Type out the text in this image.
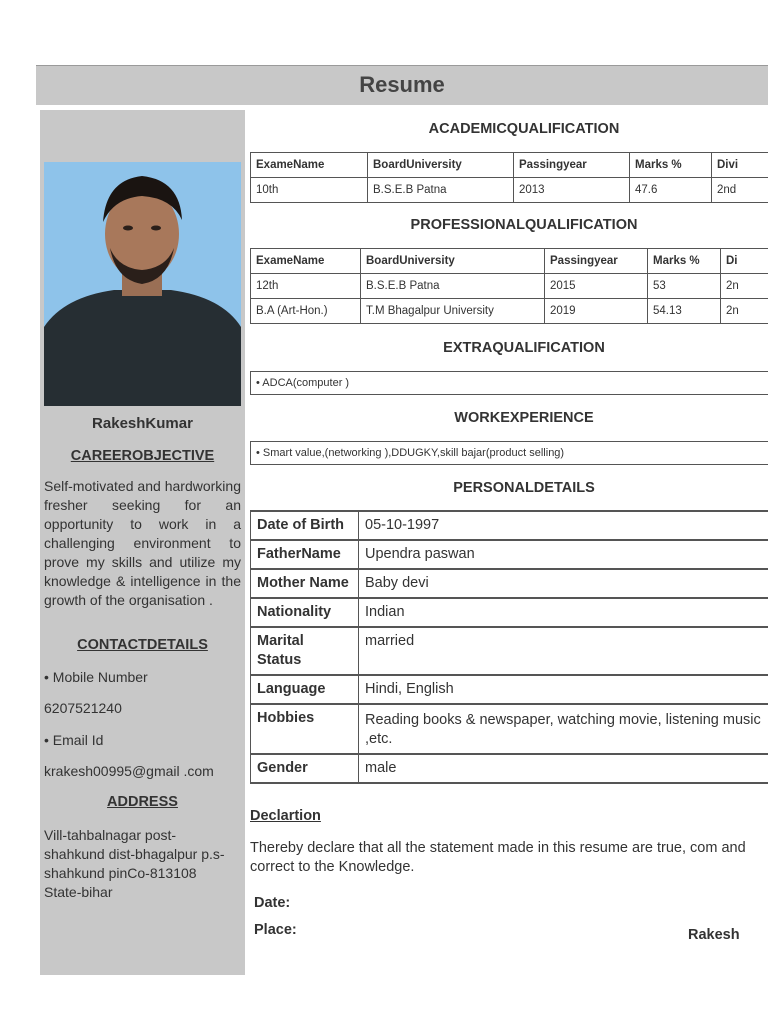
Resume
RakeshKumar
CAREEROBJECTIVE
Self-motivated and hardworking fresher seeking for an opportunity to work in a challenging environment to prove my skills and utilize my knowledge & intelligence in the growth of the organisation .
CONTACTDETAILS
• Mobile Number
6207521240
• Email Id
krakesh00995@gmail .com
ADDRESS
Vill-tahbalnagar post-
shahkund dist-bhagalpur p.s-
shahkund pinCo-813108
State-bihar
ACADEMICQUALIFICATION
ExameName	BoardUniversity	Passingyear	Marks %	Divi
10th	B.S.E.B Patna	2013	47.6	2nd
PROFESSIONALQUALIFICATION
ExameName	BoardUniversity	Passingyear	Marks %	Di
12th	B.S.E.B Patna	2015	53	2n
B.A (Art-Hon.)	T.M Bhagalpur University	2019	54.13	2n
EXTRAQUALIFICATION
• ADCA(computer )
WORKEXPERIENCE
• Smart value,(networking ),DDUGKY,skill bajar(product selling)
PERSONALDETAILS
Date of Birth	05-10-1997
FatherName	Upendra paswan
Mother Name	Baby devi
Nationality	Indian
Marital Status	married
Language	Hindi, English
Hobbies	Reading books & newspaper, watching movie, listening music ,etc.
Gender	male
Declartion
Thereby declare that all the statement made in this resume are true, com and correct to the Knowledge.
Date:
Place:	Rakesh
